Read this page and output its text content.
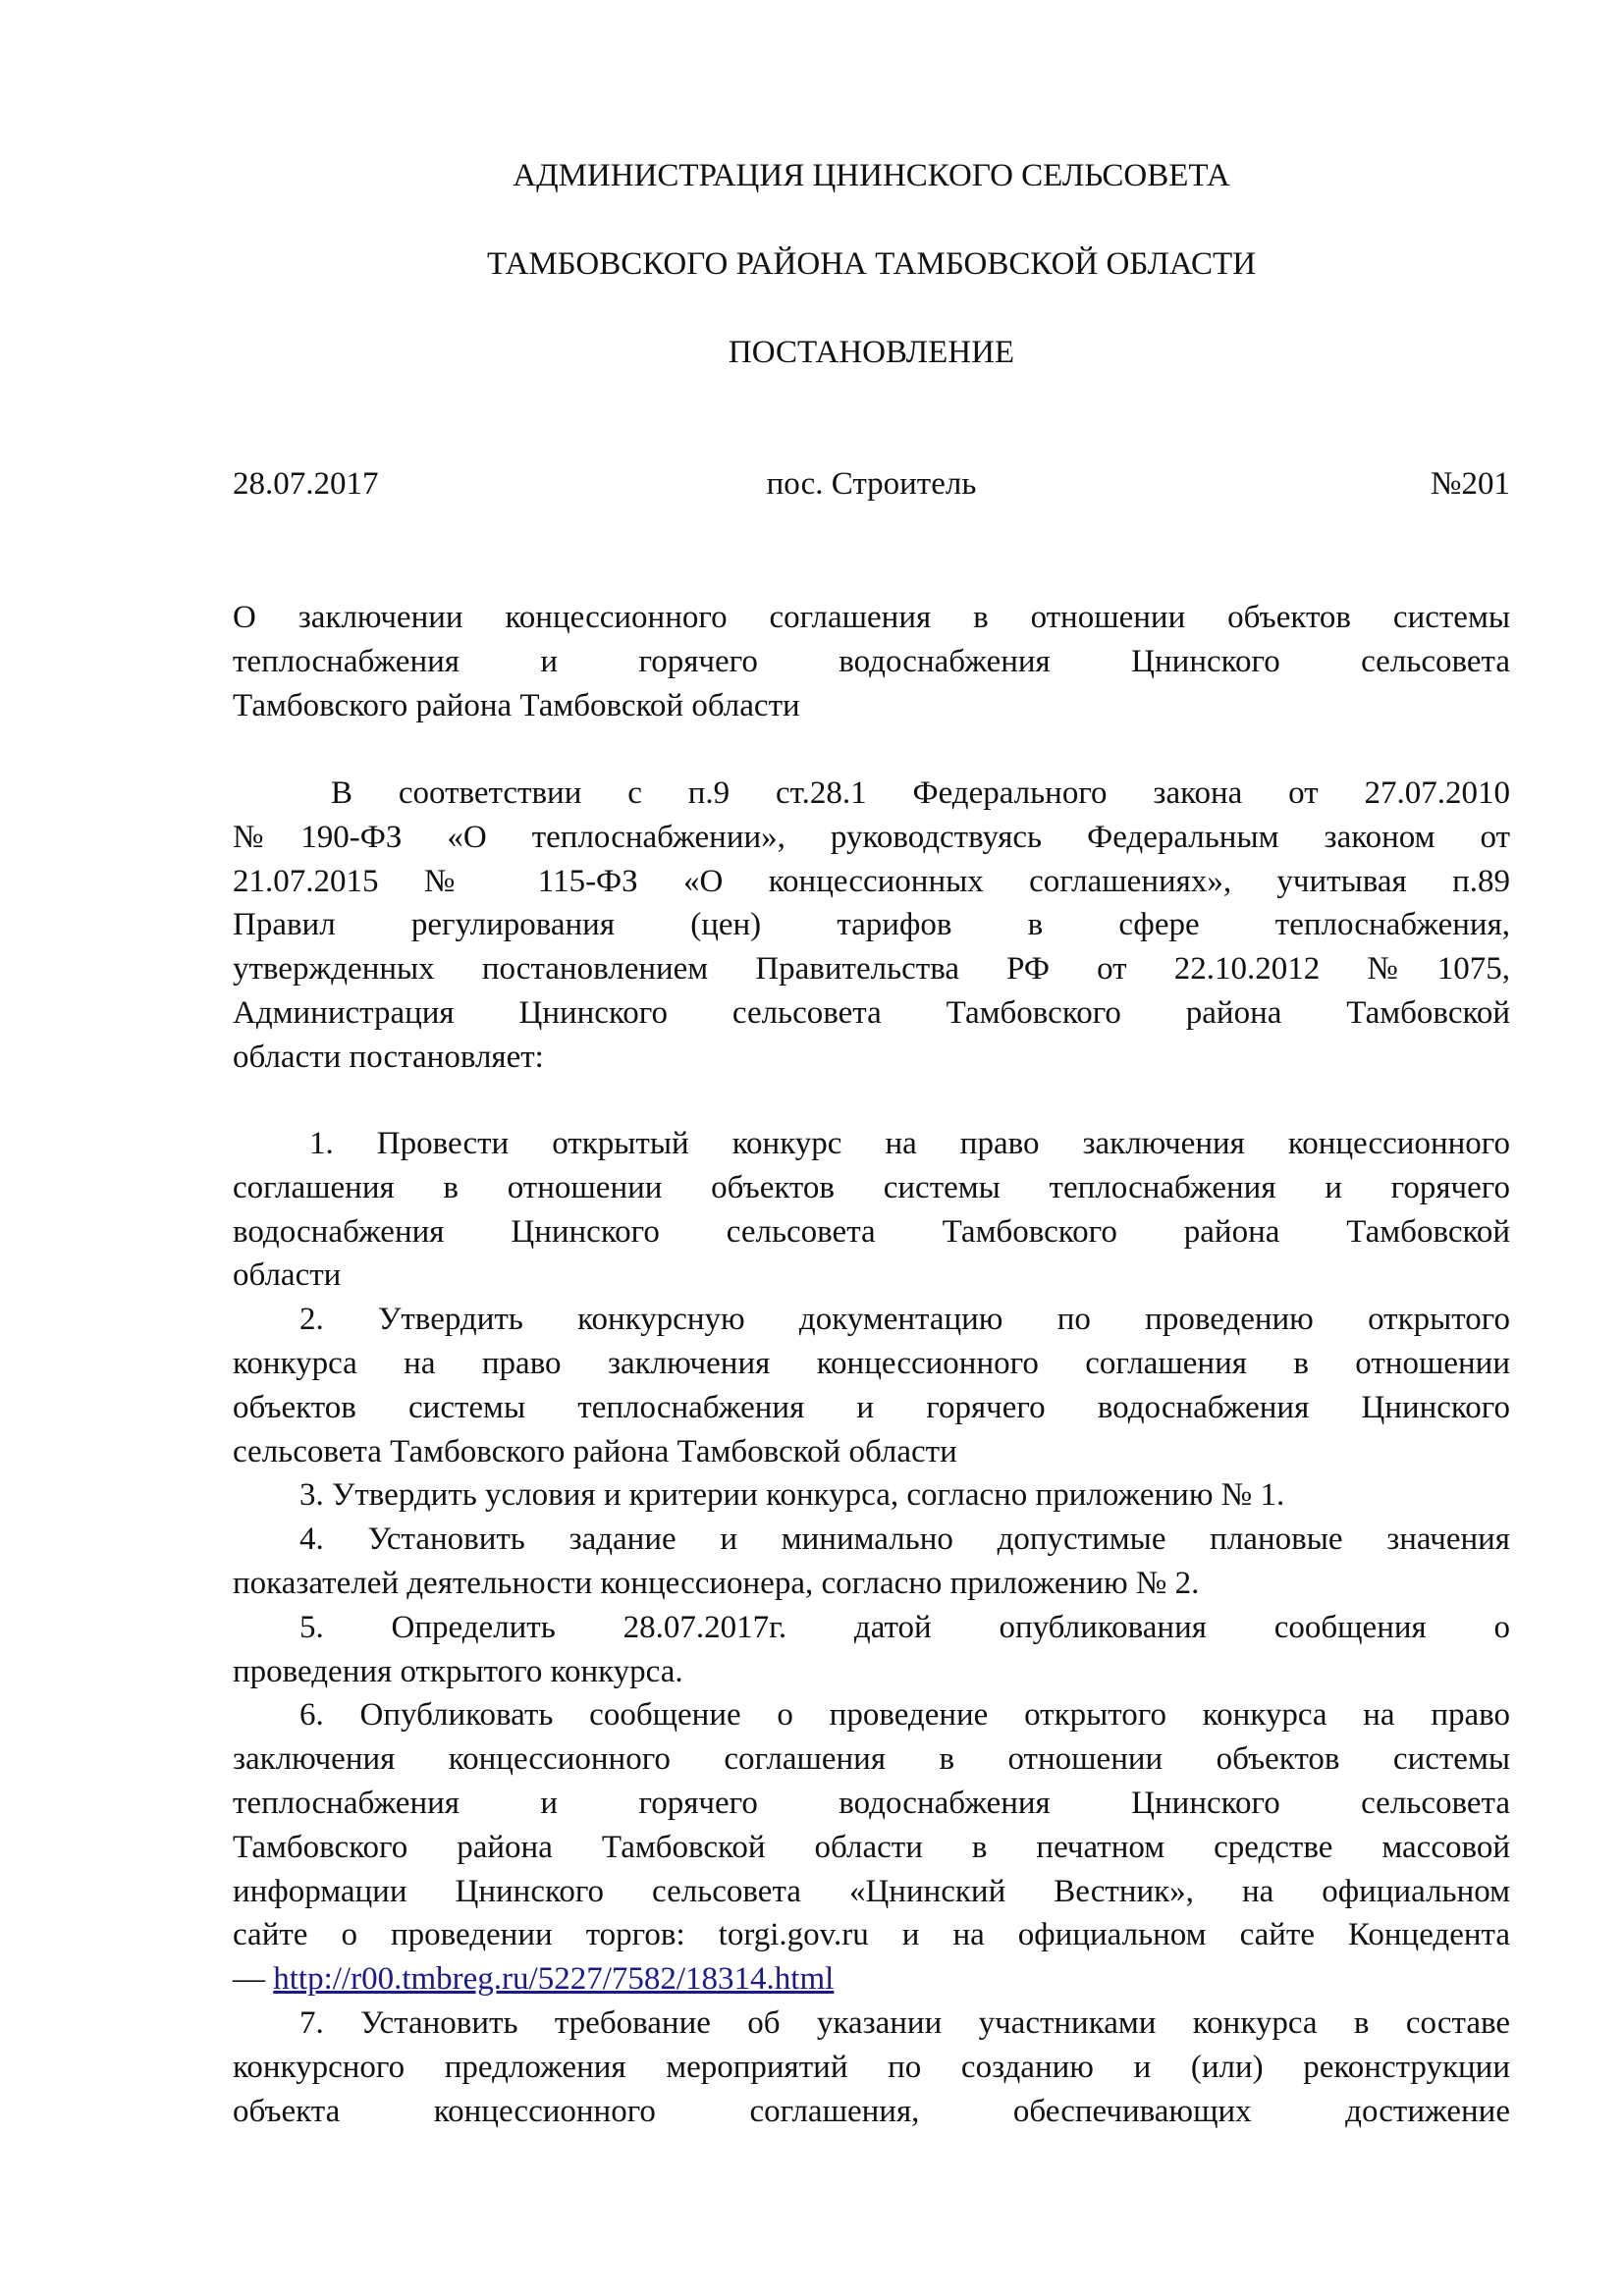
АДМИНИСТРАЦИЯ ЦНИНСКОГО СЕЛЬСОВЕТА
ТАМБОВСКОГО РАЙОНА ТАМБОВСКОЙ ОБЛАСТИ
ПОСТАНОВЛЕНИЕ
28.07.2017	пос. Строитель	№201
О заключении концессионного соглашения в отношении объектов системы
теплоснабжения и горячего водоснабжения Цнинского сельсовета
Тамбовского района Тамбовской области
В соответствии с п.9 ст.28.1 Федерального закона от 27.07.2010
№190-ФЗ «О теплоснабжении», руководствуясь Федеральным законом от
21.07.2015 № 115-ФЗ «О концессионных соглашениях», учитывая п.89
Правил регулирования (цен) тарифов в сфере теплоснабжения,
утвержденных постановлением Правительства РФ от 22.10.2012 №1075,
Администрация Цнинского сельсовета Тамбовского района Тамбовской
области постановляет:
1. Провести открытый конкурс на право заключения концессионного
соглашения в отношении объектов системы теплоснабжения и горячего
водоснабжения Цнинского сельсовета Тамбовского района Тамбовской
области
2. Утвердить конкурсную документацию по проведению открытого
конкурса на право заключения концессионного соглашения в отношении
объектов системы теплоснабжения и горячего водоснабжения Цнинского
сельсовета Тамбовского района Тамбовской области
3. Утвердить условия и критерии конкурса, согласно приложению № 1.
4. Установить задание и минимально допустимые плановые значения
показателей деятельности концессионера, согласно приложению № 2.
5. Определить 28.07.2017г. датой опубликования сообщения о
проведения открытого конкурса.
6. Опубликовать сообщение о проведение открытого конкурса на право
заключения концессионного соглашения в отношении объектов системы
теплоснабжения и горячего водоснабжения Цнинского сельсовета
Тамбовского района Тамбовской области в печатном средстве массовой
информации Цнинского сельсовета «Цнинский Вестник», на официальном
сайте о проведении торгов: torgi.gov.ru и на официальном сайте Концедента
— http://r00.tmbreg.ru/5227/7582/18314.html
7. Установить требование об указании участниками конкурса в составе
конкурсного предложения мероприятий по созданию и (или) реконструкции
объекта концессионного соглашения, обеспечивающих достижение
